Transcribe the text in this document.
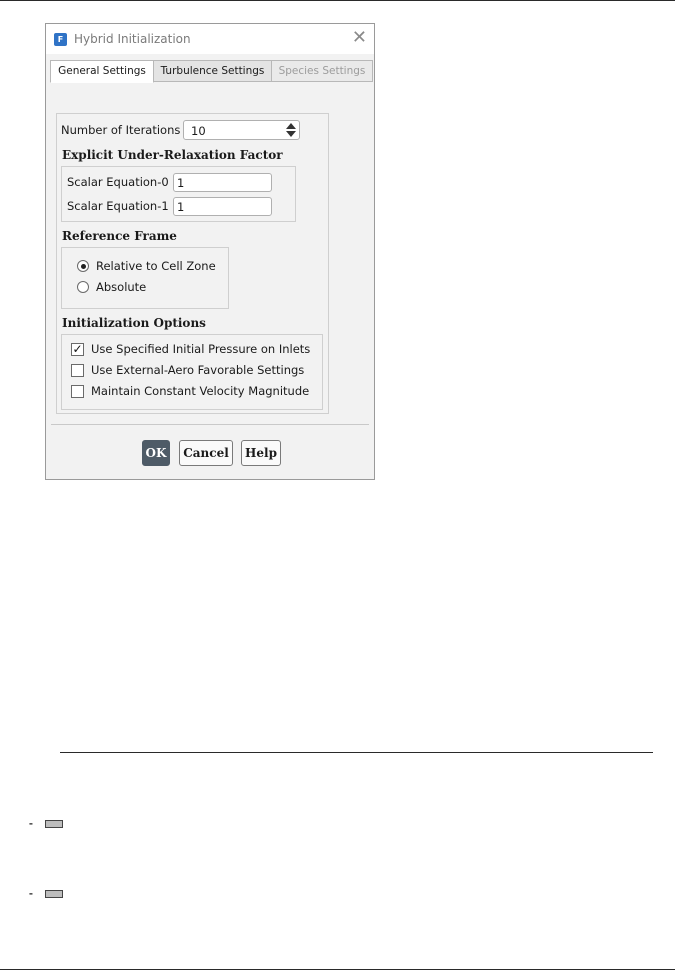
F Hybrid Initialization	✕
General Settings	Turbulence Settings	Species Settings
Number of Iterations 10
Explicit Under-Relaxation Factor
Scalar Equation-0 1
Scalar Equation-1 1
Reference Frame
Relative to Cell Zone
Absolute
Initialization Options
✓ Use Specified Initial Pressure on Inlets
Use External-Aero Favorable Settings
Maintain Constant Velocity Magnitude
OK	Cancel	Help
▬
▬
